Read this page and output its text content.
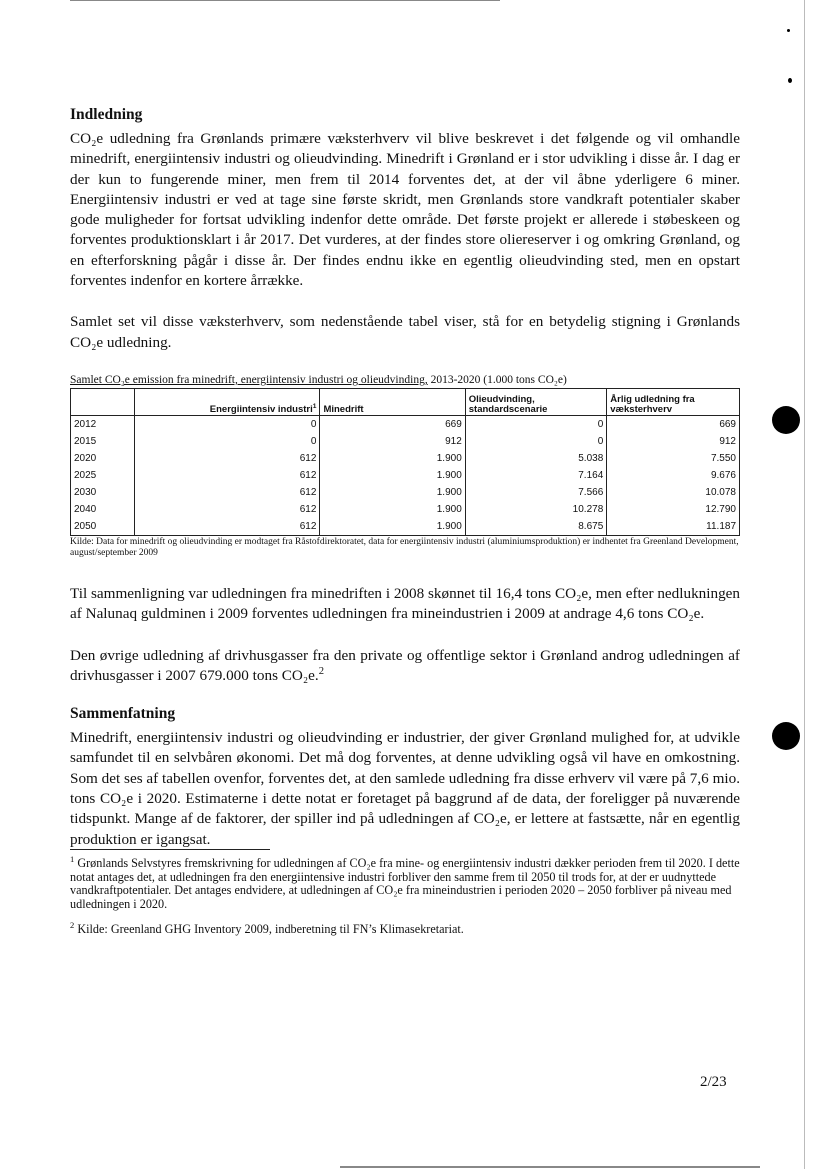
Indledning

CO₂e udledning fra Grønlands primære væksterhverv vil blive beskrevet i det følgende og vil omhandle minedrift, energiintensiv industri og olieudvinding. Minedrift i Grønland er i stor udvikling i disse år. I dag er der kun to fungerende miner, men frem til 2014 forventes det, at der vil åbne yderligere 6 miner. Energiintensiv industri er ved at tage sine første skridt, men Grønlands store vandkraft potentialer skaber gode muligheder for fortsat udvikling indenfor dette område. Det første projekt er allerede i støbeskeen og forventes produktionsklart i år 2017. Det vurderes, at der findes store oliereserver i og omkring Grønland, og en efterforskning pågår i disse år. Der findes endnu ikke en egentlig olieudvinding sted, men en opstart forventes indenfor en kortere årrække.

Samlet set vil disse væksterhverv, som nedenstående tabel viser, stå for en betydelig stigning i Grønlands CO₂e udledning.

Samlet CO₂e emission fra minedrift, energiintensiv industri og olieudvinding, 2013-2020 (1.000 tons CO₂e)

	Energiintensiv industri$^1$	Minedrift	Olieudvinding, standardscenarie	Årlig udledning fra væksterhverv
2012	0	669	0	669
2015	0	912	0	912
2020	612	1.900	5.038	7.550
2025	612	1.900	7.164	9.676
2030	612	1.900	7.566	10.078
2040	612	1.900	10.278	12.790
2050	612	1.900	8.675	11.187

Kilde: Data for minedrift og olieudvinding er modtaget fra Råstofdirektoratet, data for energiintensiv industri (aluminiumsproduktion) er indhentet fra Greenland Development, august/september 2009

Til sammenligning var udledningen fra minedriften i 2008 skønnet til 16,4 tons CO₂e, men efter nedlukningen af Nalunaq guldminen i 2009 forventes udledningen fra mineindustrien i 2009 at andrage 4,6 tons CO₂e.

Den øvrige udledning af drivhusgasser fra den private og offentlige sektor i Grønland androg udledningen af drivhusgasser i 2007 679.000 tons CO₂e.$^2$

Sammenfatning

Minedrift, energiintensiv industri og olieudvinding er industrier, der giver Grønland mulighed for, at udvikle samfundet til en selvbåren økonomi. Det må dog forventes, at denne udvikling også vil have en omkostning. Som det ses af tabellen ovenfor, forventes det, at den samlede udledning fra disse erhverv vil være på 7,6 mio. tons CO₂e i 2020. Estimaterne i dette notat er foretaget på baggrund af de data, der foreligger på nuværende tidspunkt. Mange af de faktorer, der spiller ind på udledningen af CO₂e, er lettere at fastsætte, når en egentlig produktion er igangsat.

$^1$ Grønlands Selvstyres fremskrivning for udledningen af CO₂e fra mine- og energiintensiv industri dækker perioden frem til 2020. I dette notat antages det, at udledningen fra den energiintensive industri forbliver den samme frem til 2050 til trods for, at der er uudnyttede vandkraftpotentialer. Det antages endvidere, at udledningen af CO₂e fra mineindustrien i perioden 2020 – 2050 forbliver på niveau med udledningen i 2020.

$^2$ Kilde: Greenland GHG Inventory 2009, indberetning til FN’s Klimasekretariat.

2/23
